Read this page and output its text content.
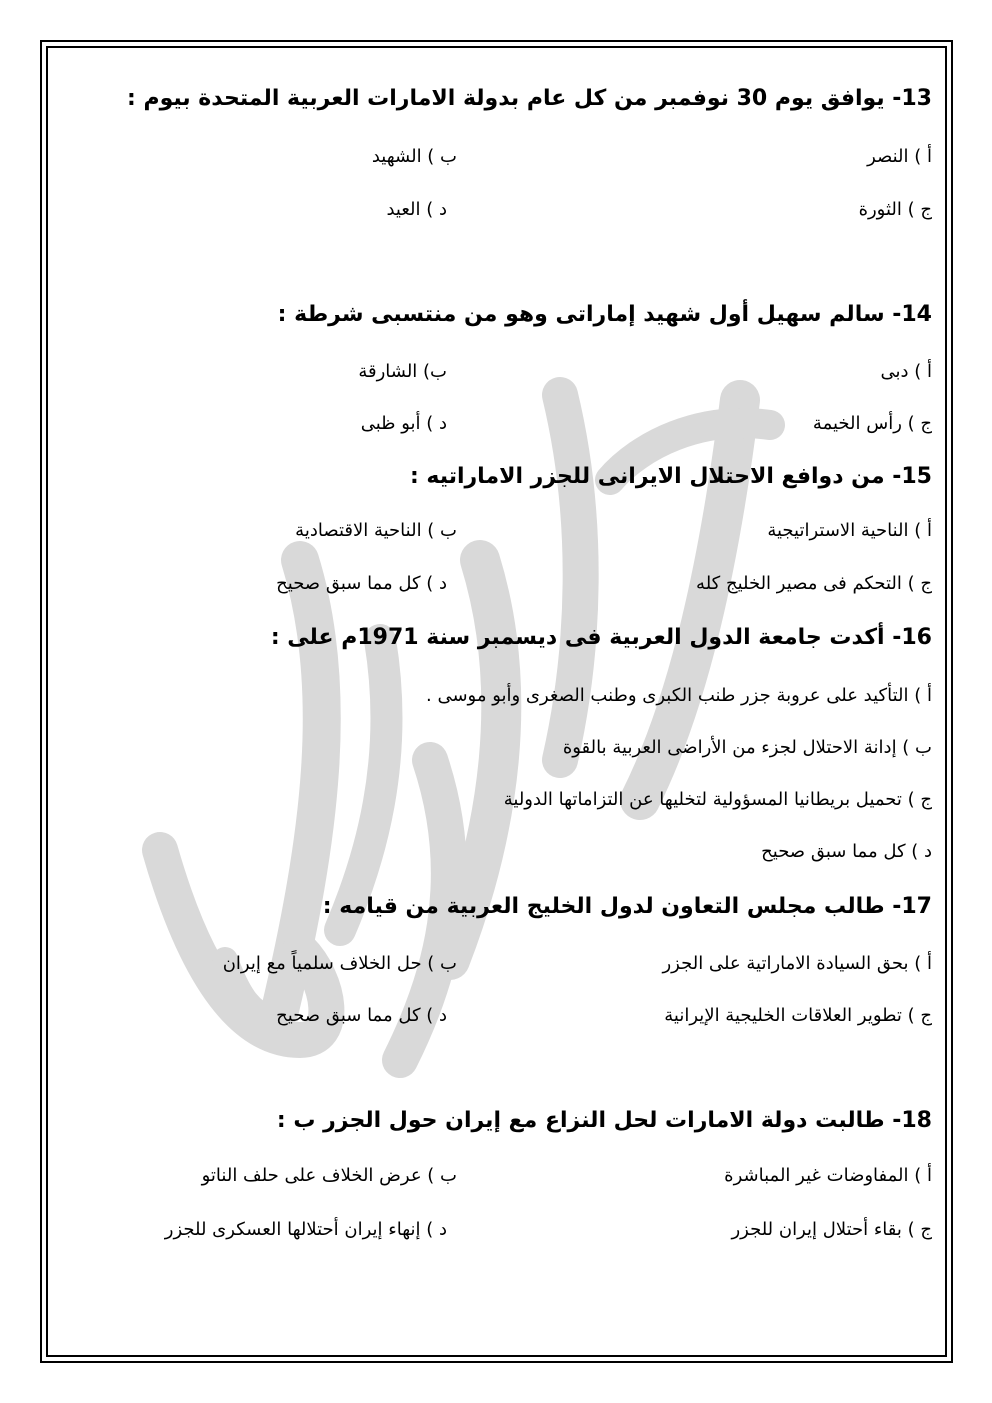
13- يوافق يوم 30 نوفمبر من كل عام بدولة الامارات العربية المتحدة بيوم :
أ ) النصر
ب ) الشهيد
ج ) الثورة
د ) العيد
14- سالم سهيل أول شهيد إماراتى وهو من منتسبى شرطة :
أ ) دبى
ب) الشارقة
ج ) رأس الخيمة
د ) أبو ظبى
15- من دوافع الاحتلال الايرانى للجزر الاماراتيه :
أ ) الناحية الاستراتيجية
ب ) الناحية الاقتصادية
ج ) التحكم فى مصير الخليج كله
د ) كل مما سبق صحيح
16- أكدت جامعة الدول العربية فى ديسمبر سنة 1971م على :
أ ) التأكيد على عروبة جزر طنب الكبرى وطنب الصغرى وأبو موسى .
ب ) إدانة الاحتلال لجزء من الأراضى العربية بالقوة
ج ) تحميل بريطانيا المسؤولية لتخليها عن التزاماتها الدولية
د ) كل مما سبق صحيح
17- طالب مجلس التعاون لدول الخليج العربية من قيامه :
أ ) بحق السيادة الاماراتية على الجزر
ب ) حل الخلاف سلمياً مع إيران
ج ) تطوير العلاقات الخليجية الإيرانية
د ) كل مما سبق صحيح
18- طالبت دولة الامارات لحل النزاع مع إيران حول الجزر ب :
أ ) المفاوضات غير المباشرة
ب ) عرض الخلاف على حلف الناتو
ج ) بقاء أحتلال إيران للجزر
د ) إنهاء إيران أحتلالها العسكرى للجزر
